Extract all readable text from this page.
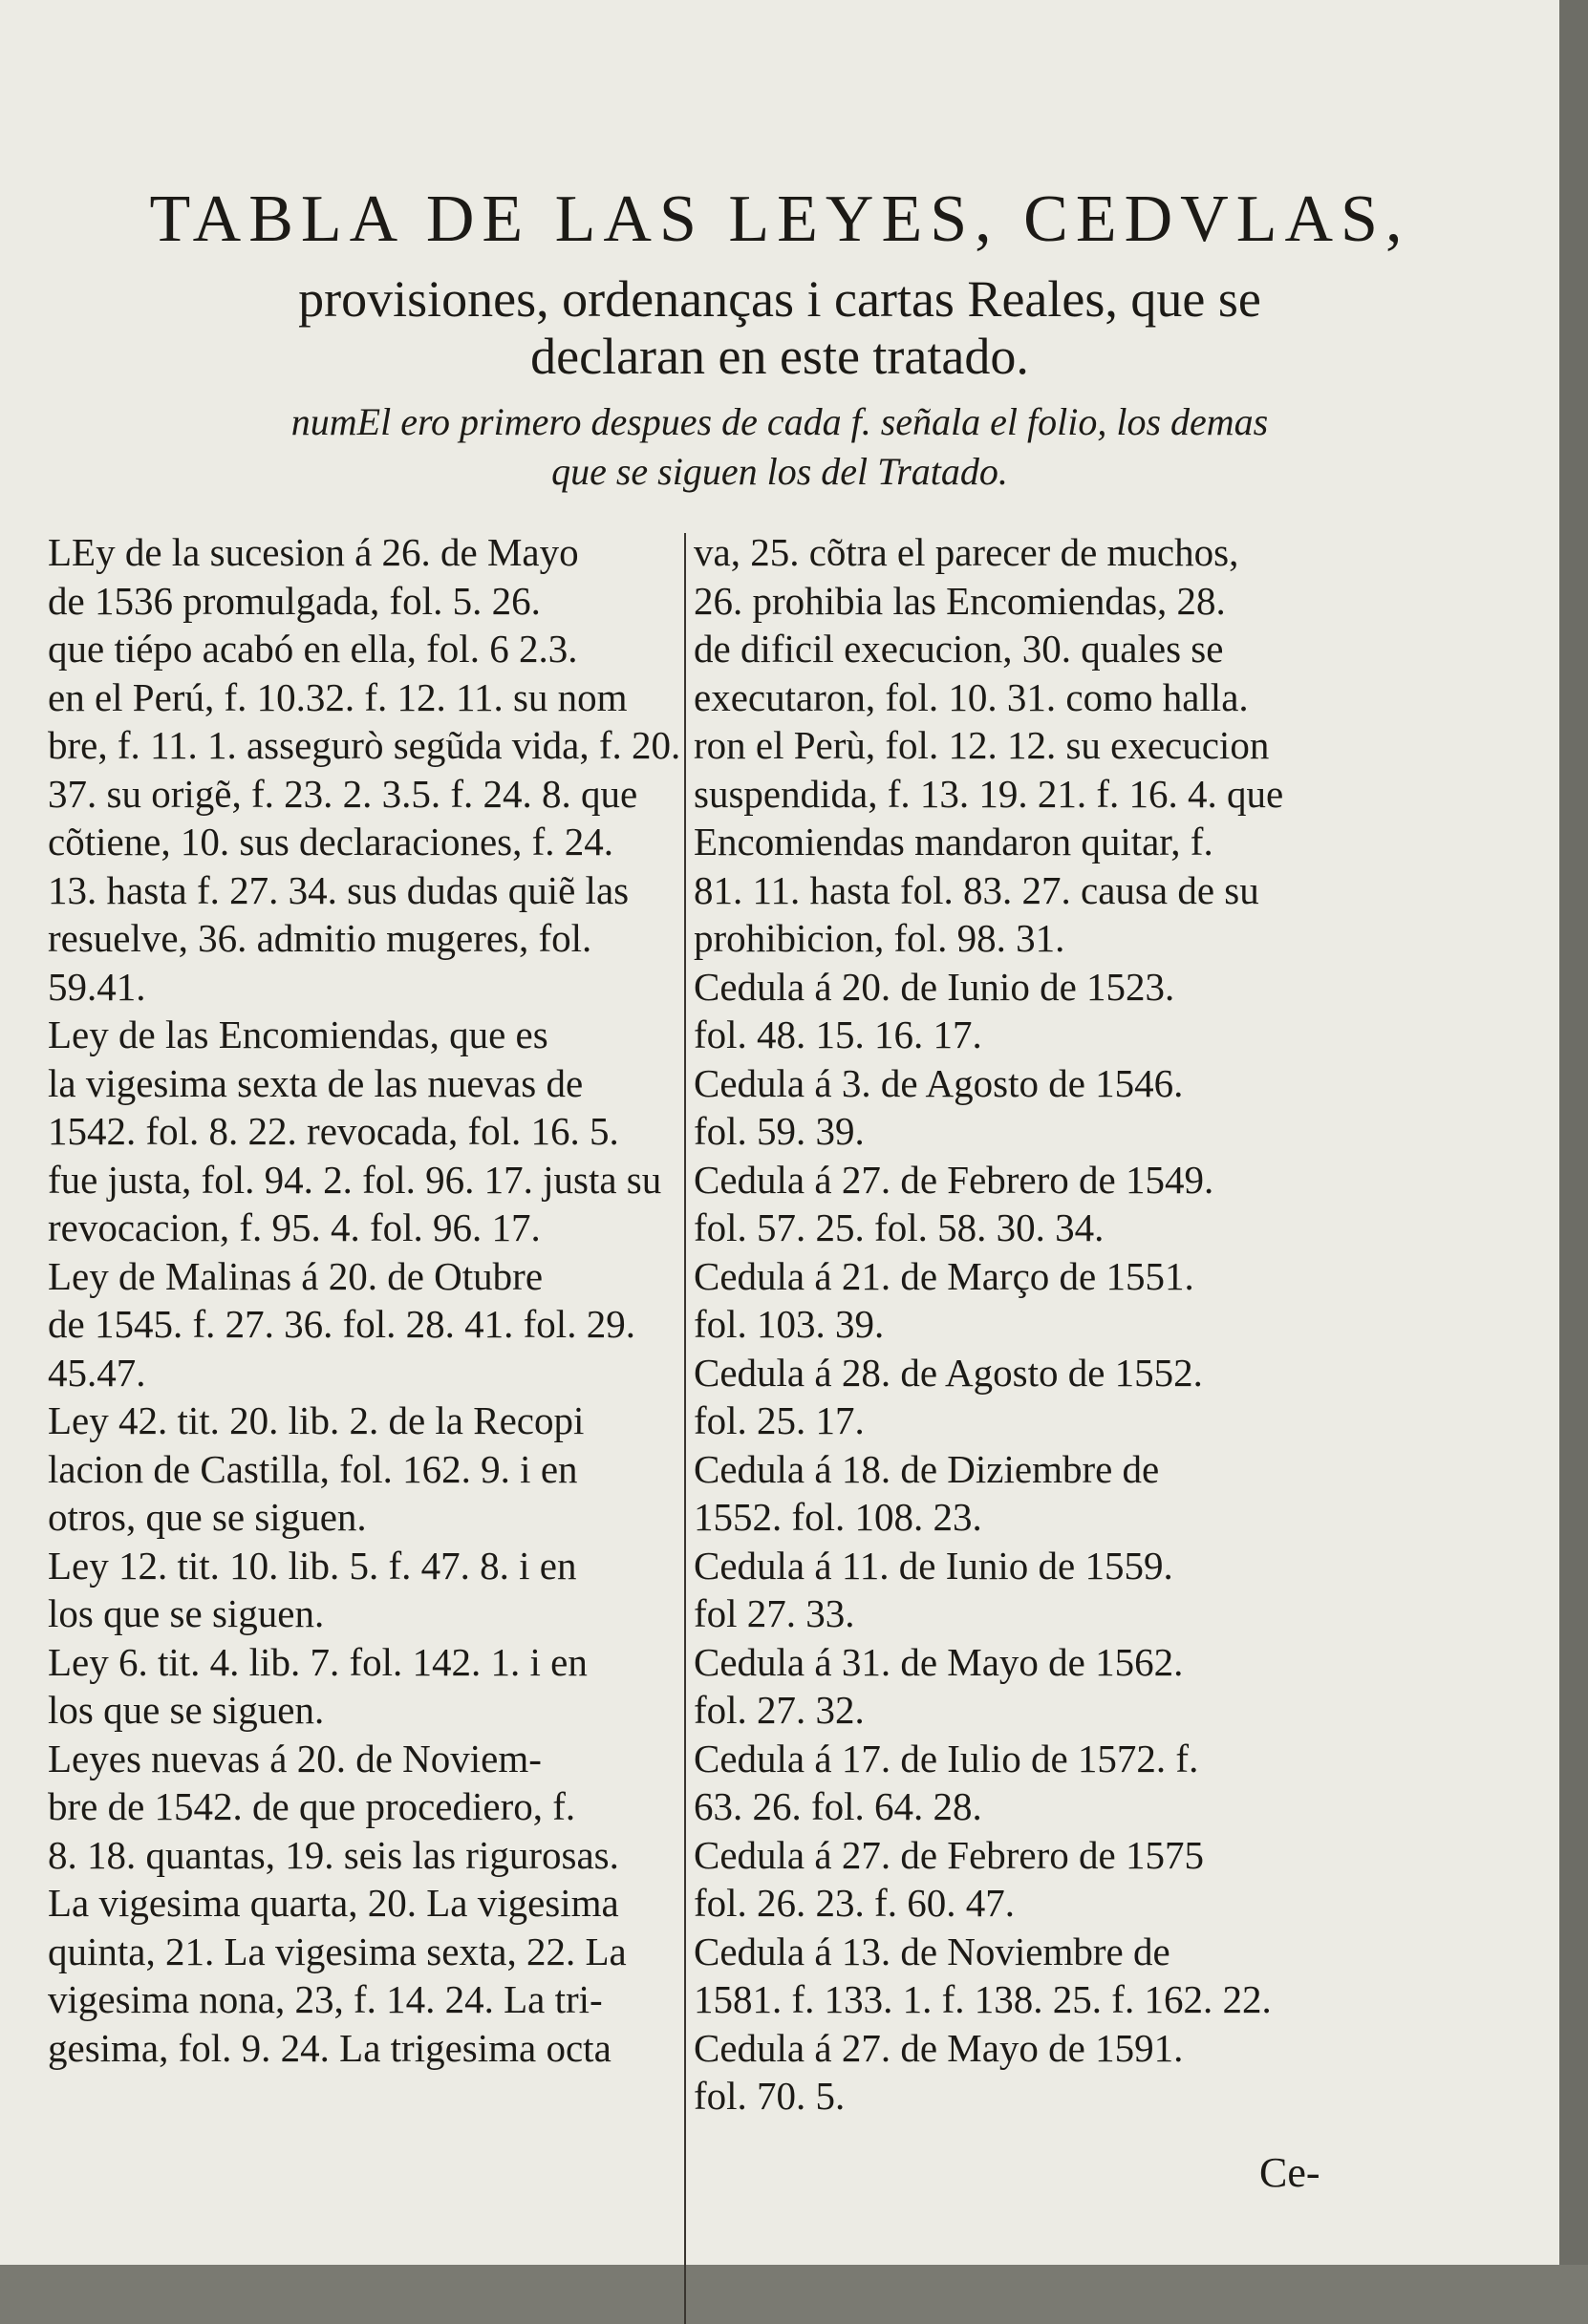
TABLA DE LAS LEYES, CEDVLAS,
provisiones, ordenanças i cartas Reales, que se
declaran en este tratado.
numEl ero primero despues de cada f. señala el folio, los demas
que se siguen los del Tratado.
LEy de la sucesion á 26. de Mayo
de 1536 promulgada, fol. 5. 26.
que tiépo acabó en ella, fol. 6 2.3.
en el Perú, f. 10.32. f. 12. 11. su nom
bre, f. 11. 1. assegurò segũda vida, f. 20.
37. su origẽ, f. 23. 2. 3.5. f. 24. 8. que
cõtiene, 10. sus declaraciones, f. 24.
13. hasta f. 27. 34. sus dudas quiẽ las
resuelve, 36. admitio mugeres, fol.
59.41.
Ley de las Encomiendas, que es
la vigesima sexta de las nuevas de
1542. fol. 8. 22. revocada, fol. 16. 5.
fue justa, fol. 94. 2. fol. 96. 17. justa su
revocacion, f. 95. 4. fol. 96. 17.
Ley de Malinas á 20. de Otubre
de 1545. f. 27. 36. fol. 28. 41. fol. 29.
45.47.
Ley 42. tit. 20. lib. 2. de la Recopi
lacion de Castilla, fol. 162. 9. i en
otros, que se siguen.
Ley 12. tit. 10. lib. 5. f. 47. 8. i en
los que se siguen.
Ley 6. tit. 4. lib. 7. fol. 142. 1. i en
los que se siguen.
Leyes nuevas á 20. de Noviem-
bre de 1542. de que procediero, f.
8. 18. quantas, 19. seis las rigurosas.
La vigesima quarta, 20. La vigesima
quinta, 21. La vigesima sexta, 22. La
vigesima nona, 23, f. 14. 24. La tri-
gesima, fol. 9. 24. La trigesima octa
va, 25. cõtra el parecer de muchos,
26. prohibia las Encomiendas, 28.
de dificil execucion, 30. quales se
executaron, fol. 10. 31. como halla.
ron el Perù, fol. 12. 12. su execucion
suspendida, f. 13. 19. 21. f. 16. 4. que
Encomiendas mandaron quitar, f.
81. 11. hasta fol. 83. 27. causa de su
prohibicion, fol. 98. 31.
Cedula á 20. de Iunio de 1523.
fol. 48. 15. 16. 17.
Cedula á 3. de Agosto de 1546.
fol. 59. 39.
Cedula á 27. de Febrero de 1549.
fol. 57. 25. fol. 58. 30. 34.
Cedula á 21. de Março de 1551.
fol. 103. 39.
Cedula á 28. de Agosto de 1552.
fol. 25. 17.
Cedula á 18. de Diziembre de
1552. fol. 108. 23.
Cedula á 11. de Iunio de 1559.
fol 27. 33.
Cedula á 31. de Mayo de 1562.
fol. 27. 32.
Cedula á 17. de Iulio de 1572. f.
63. 26. fol. 64. 28.
Cedula á 27. de Febrero de 1575
fol. 26. 23. f. 60. 47.
Cedula á 13. de Noviembre de
1581. f. 133. 1. f. 138. 25. f. 162. 22.
Cedula á 27. de Mayo de 1591.
fol. 70. 5.
Ce-
